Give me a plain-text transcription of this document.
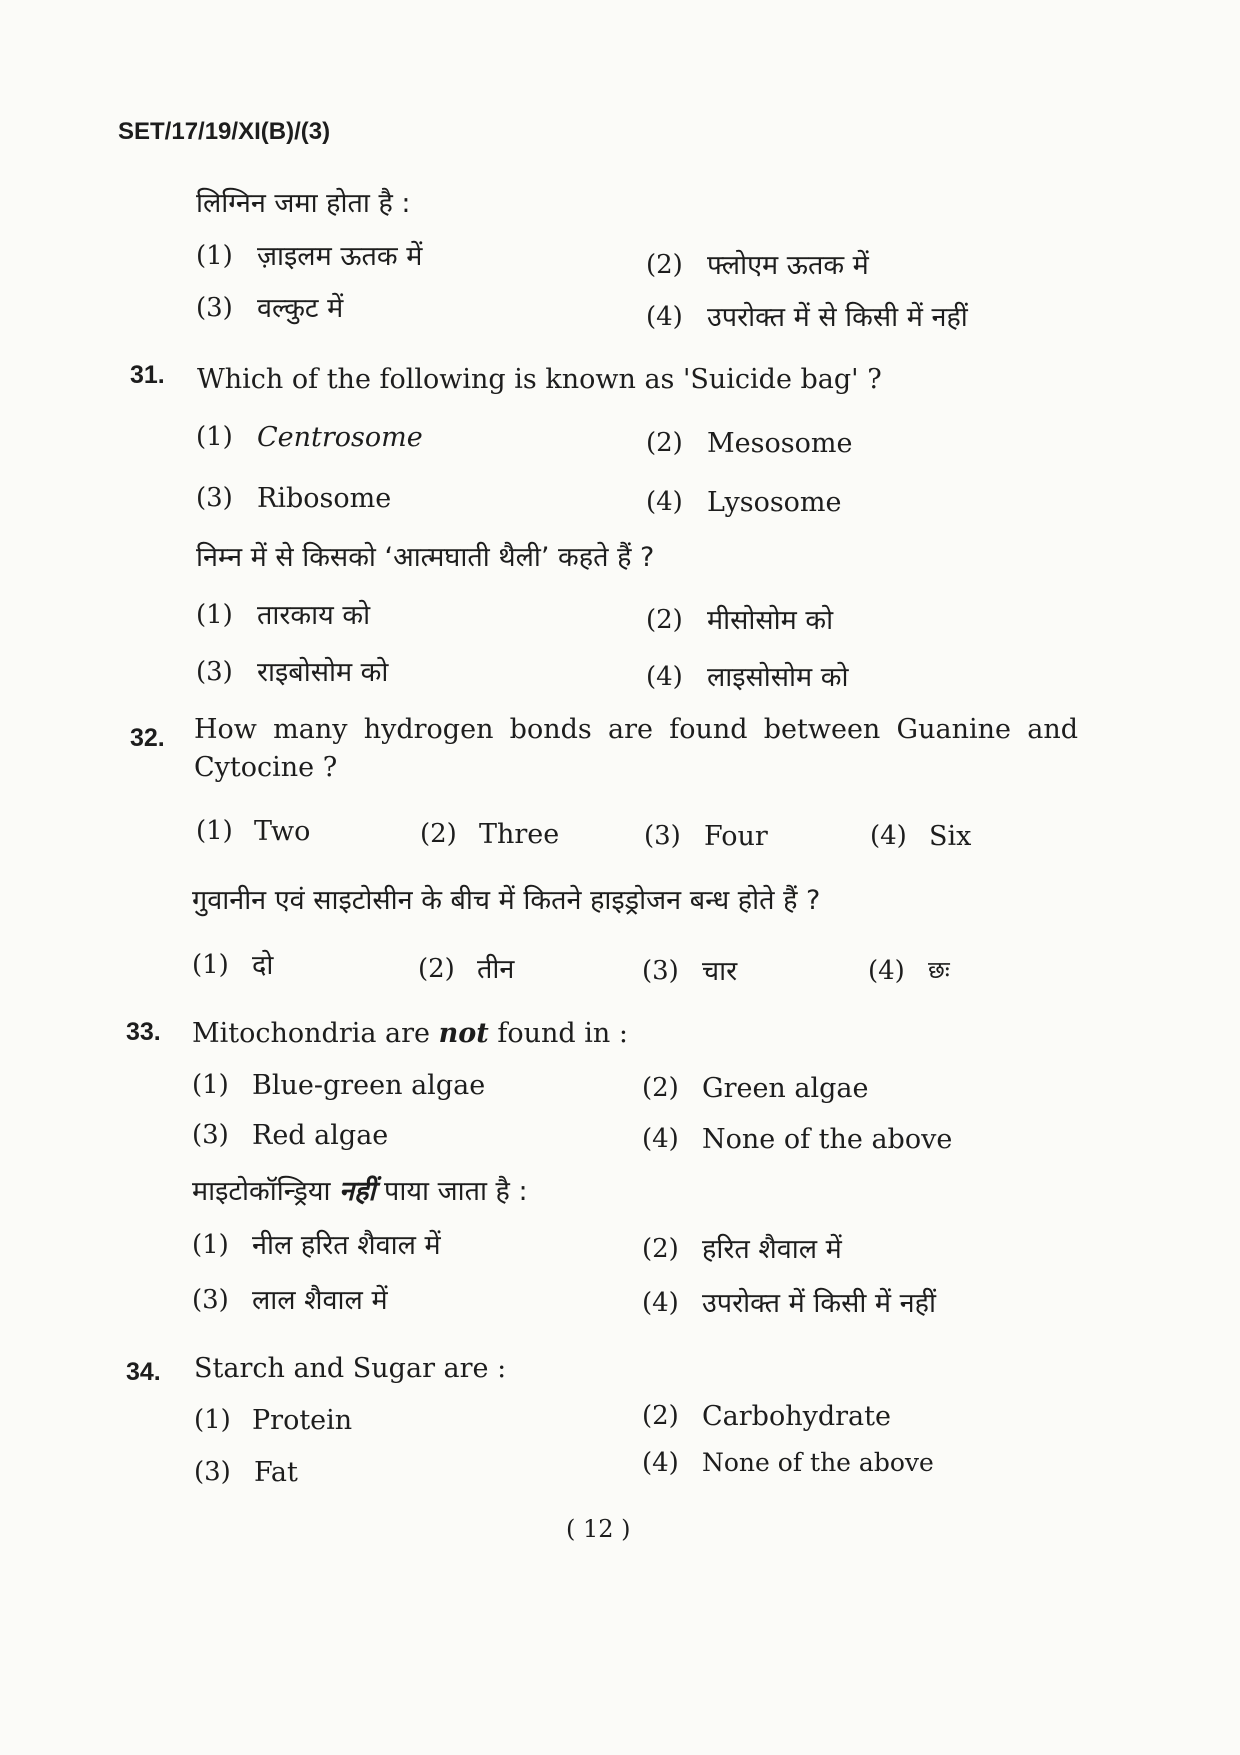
SET/17/19/XI(B)/(3)
लिग्निन जमा होता है :
(1) ज़ाइलम ऊतक में	(2) फ्लोएम ऊतक में
(3) वल्कुट में	(4) उपरोक्त में से किसी में नहीं
31. Which of the following is known as 'Suicide bag' ?
(1) Centrosome	(2) Mesosome
(3) Ribosome	(4) Lysosome
निम्न में से किसको ‘आत्मघाती थैली’ कहते हैं ?
(1) तारकाय को	(2) मीसोसोम को
(3) राइबोसोम को	(4) लाइसोसोम को
32. How many hydrogen bonds are found between Guanine and
Cytocine ?
(1) Two	(2) Three	(3) Four	(4) Six
गुवानीन एवं साइटोसीन के बीच में कितने हाइड्रोजन बन्ध होते हैं ?
(1) दो	(2) तीन	(3) चार	(4) छः
33. Mitochondria are not found in :
(1) Blue-green algae	(2) Green algae
(3) Red algae	(4) None of the above
माइटोकॉन्ड्रिया नहीं पाया जाता है :
(1) नील हरित शैवाल में	(2) हरित शैवाल में
(3) लाल शैवाल में	(4) उपरोक्त में किसी में नहीं
34. Starch and Sugar are :
(1) Protein	(2) Carbohydrate
(3) Fat	(4) None of the above
( 12 )
